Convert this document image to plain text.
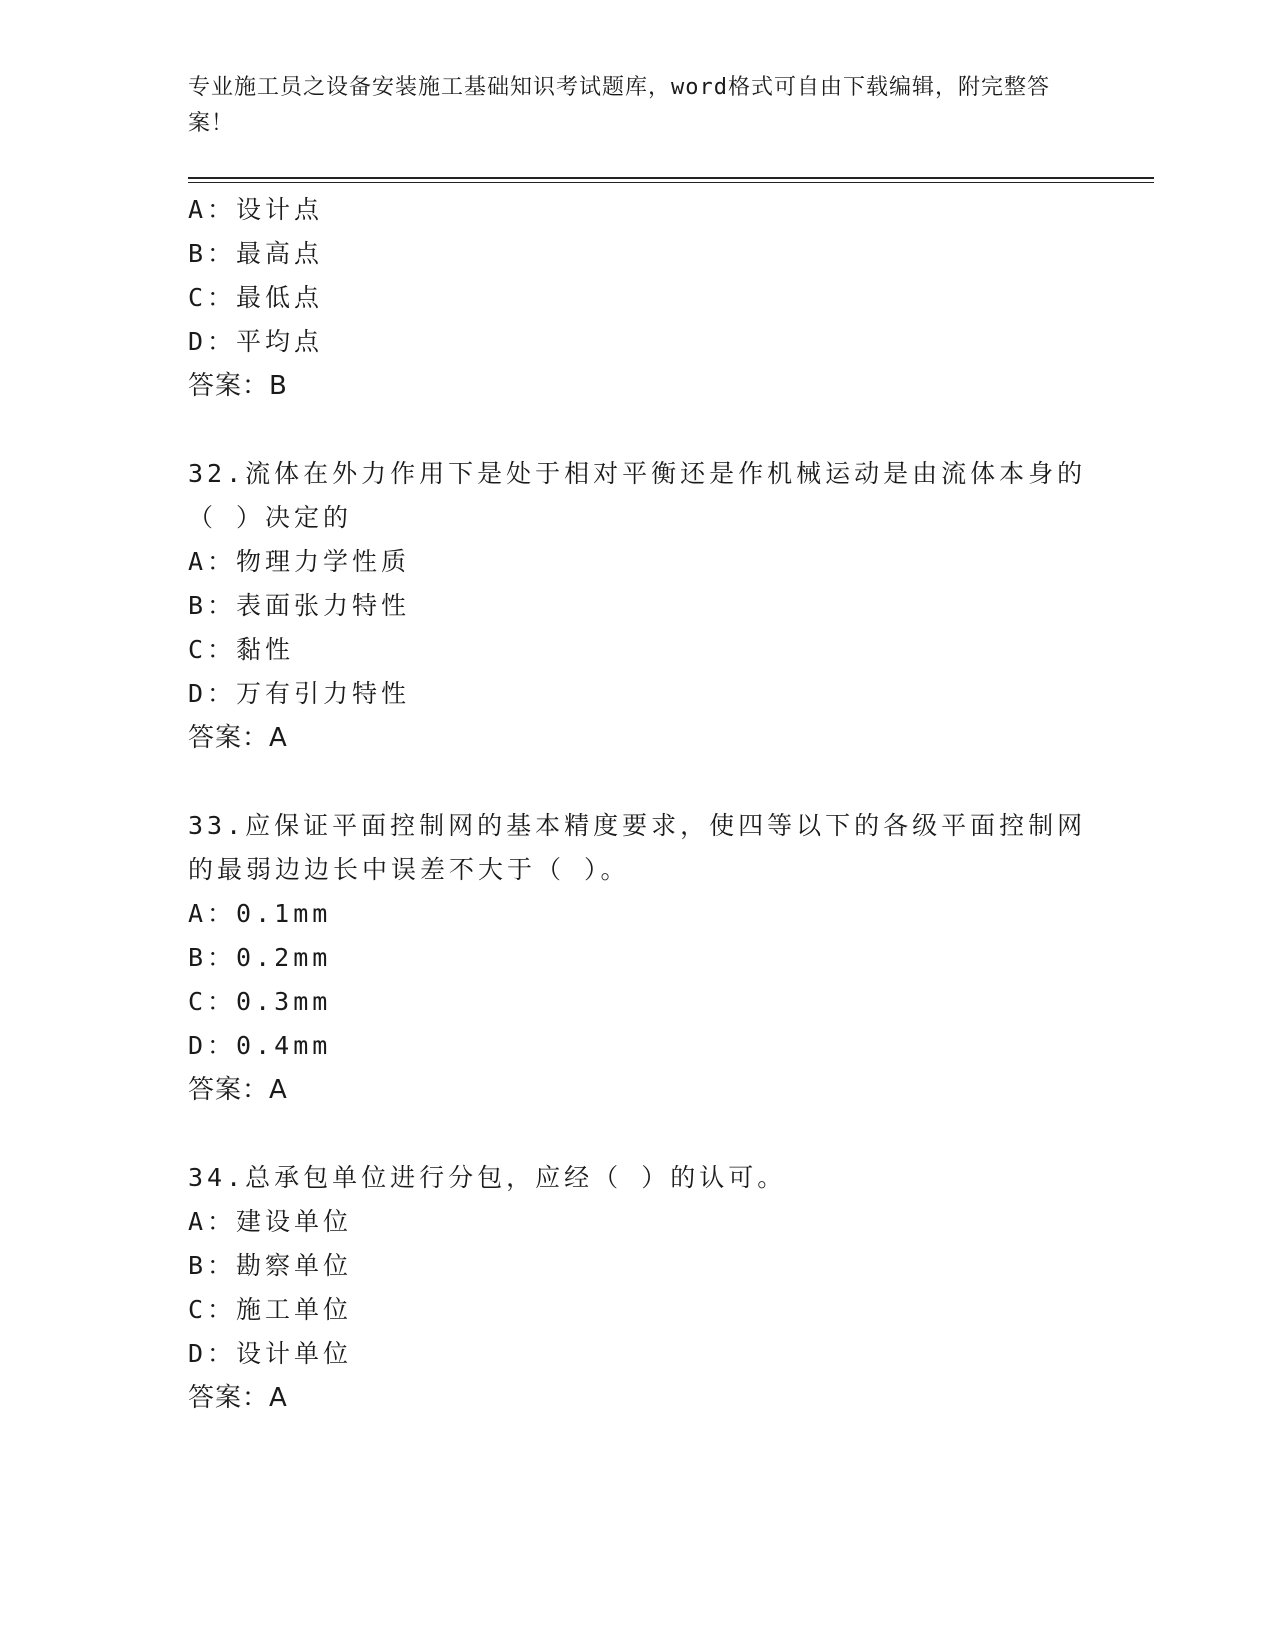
专业施工员之设备安装施工基础知识考试题库，word格式可自由下载编辑，附完整答案！
A：设计点
B：最高点
C：最低点
D：平均点
答案：B
32.流体在外力作用下是处于相对平衡还是作机械运动是由流体本身的
（ ）决定的
A：物理力学性质
B：表面张力特性
C：黏性
D：万有引力特性
答案：A
33.应保证平面控制网的基本精度要求，使四等以下的各级平面控制网
的最弱边边长中误差不大于（ ）。
A：0.1mm
B：0.2mm
C：0.3mm
D：0.4mm
答案：A
34.总承包单位进行分包，应经（ ）的认可。
A：建设单位
B：勘察单位
C：施工单位
D：设计单位
答案：A
